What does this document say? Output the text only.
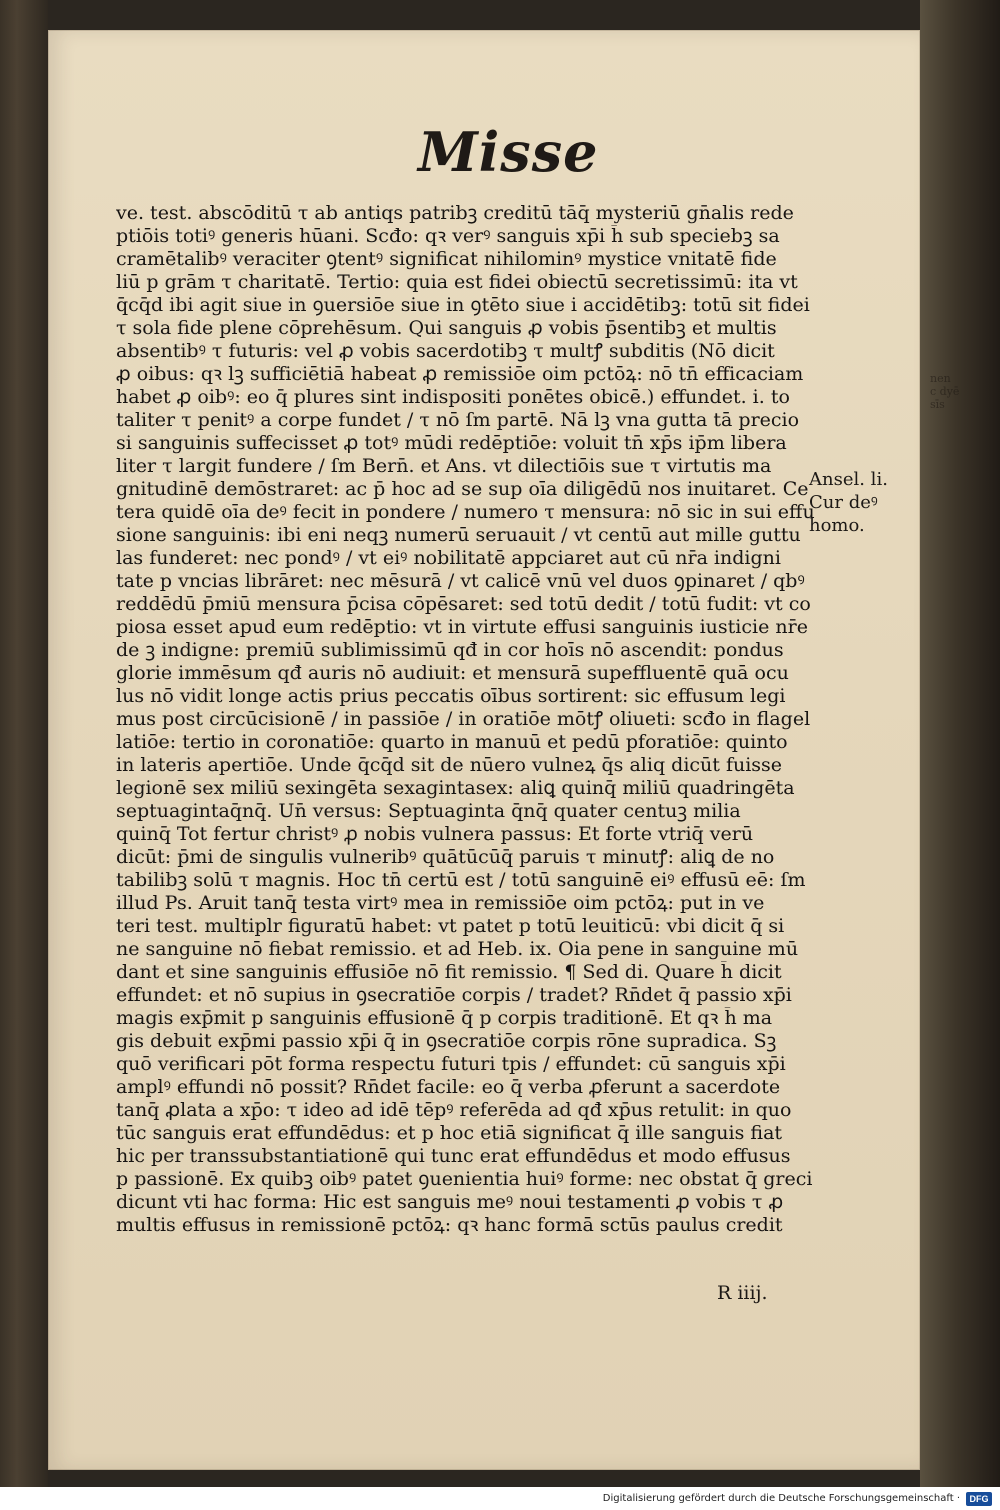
nen
c dyē
sīs
Misse
ve. test. abscōditū τ ab antiqs patribꝫ creditū tāq̄ mysteriū gn̄alis rede
ptiōis totiꝰ generis hūani. Scđo: qꝛ verꝰ sanguis xp̄i h̄ sub speciebꝫ sa
cramētalibꝰ veraciter ꝯtentꝰ significat nihilominꝰ mystice vnitatē fide
liū p grām τ charitatē. Tertio: quia est fidei obiectū secretissimū: ita vt
q̄cq̄d ibi agit siue in ꝯuersiōe siue in ꝯtēto siue i accidētibꝫ: totū sit fidei
τ sola fide plene cōprehēsum. Qui sanguis ꝓ vobis p̄sentibꝫ et multis
absentibꝰ τ futuris: vel ꝓ vobis sacerdotibꝫ τ multꝭ subditis (Nō dicit
ꝓ oibus: qꝛ lꝫ sufficiētiā habeat ꝓ remissiōe oim pctōꝝ: nō tn̄ efficaciam
habet ꝓ oibꝰ: eo q̄ plures sint indispositi ponētes obicē.) effundet. i. to
taliter τ penitꝰ a corpe fundet / τ nō ſm partē. Nā lꝫ vna gutta tā precio
si sanguinis suffecisset ꝓ totꝰ mūdi redēptiōe: voluit tn̄ xp̄s ip̄m libera
liter τ largit fundere / ſm Bern̄. et Ans. vt dilectiōis sue τ virtutis ma
gnitudinē demōstraret: ac p̄ hoc ad se sup oīa diligēdū nos inuitaret. Ce
tera quidē oīa deꝰ fecit in pondere / numero τ mensura: nō sic in sui effu
sione sanguinis: ibi eni neqꝫ numerū seruauit / vt centū aut mille guttu
las funderet: nec pondꝰ / vt eiꝰ nobilitatē appciaret aut cū nr̄a indigni
tate p vncias librāret: nec mēsurā / vt calicē vnū vel duos ꝯpinaret / qbꝰ
reddēdū p̄miū mensura p̄cisa cōpēsaret: sed totū dedit / totū fudit: vt co
piosa esset apud eum redēptio: vt in virtute effusi sanguinis iusticie nr̄e
de ꝫ indigne: premiū sublimissimū qđ in cor hoīs nō ascendit: pondus
glorie immēsum qđ auris nō audiuit: et mensurā supeffluentē quā ocu
lus nō vidit longe actis prius peccatis oībus sortirent: sic effusum legi
mus post circūcisionē / in passiōe / in oratiōe mōtꝭ oliueti: scđo in flagel
latiōe: tertio in coronatiōe: quarto in manuū et pedū pforatiōe: quinto
in lateris apertiōe. Unde q̄cq̄d sit de nūero vulneꝝ q̄s aliq dicūt fuisse
legionē sex miliū sexingēta sexagintasex: aliꝗ quinq̄ miliū quadringēta
septuagintaq̄nq̄. Un̄ versus: Septuaginta q̄nq̄ quater centuꝫ milia
quinq̄ Tot fertur christꝰ ꝓ nobis vulnera passus: Et forte vtriq̄ verū
dicūt: p̄mi de singulis vulneribꝰ quātūcūq̄ paruis τ minutꝭ: aliꝗ de no
tabilibꝫ solū τ magnis. Hoc tn̄ certū est / totū sanguinē eiꝰ effusū eē: ſm
illud Ps. Aruit tanq̄ testa virtꝰ mea in remissiōe oim pctōꝝ: put in ve
teri test. multiplr figuratū habet: vt patet p totū leuiticū: vbi dicit q̄ si
ne sanguine nō fiebat remissio. et ad Heb. ix. Oia pene in sanguine mū
dant et sine sanguinis effusiōe nō fit remissio. ¶ Sed di. Quare h̄ dicit
effundet: et nō supius in ꝯsecratiōe corpis / tradet? Rn̄det q̄ passio xp̄i
magis exp̄mit p sanguinis effusionē q̄ p corpis traditionē. Et qꝛ h̄ ma
gis debuit exp̄mi passio xp̄i q̄ in ꝯsecratiōe corpis rōne supradica. Sꝫ
quō verificari pōt forma respectu futuri tpis / effundet: cū sanguis xp̄i
amplꝰ effundi nō possit? Rn̄det facile: eo q̄ verba ꝓferunt a sacerdote
tanq̄ ꝓlata a xp̄o: τ ideo ad idē tēpꝰ referēda ad qđ xp̄us retulit: in quo
tūc sanguis erat effundēdus: et p hoc etiā significat q̄ ille sanguis fiat
hic per transsubstantiationē qui tunc erat effundēdus et modo effusus
p passionē. Ex quibꝫ oibꝰ patet ꝯuenientia huiꝰ forme: nec obstat q̄ greci
dicunt vti hac forma: Hic est sanguis meꝰ noui testamenti ꝓ vobis τ ꝓ
multis effusus in remissionē pctōꝝ: qꝛ hanc formā sctūs paulus credit
Ansel. li.
Cur deꝰ
homo.
R iiij.
Digitalisierung gefördert durch die Deutsche Forschungsgemeinschaft ·	DFG
